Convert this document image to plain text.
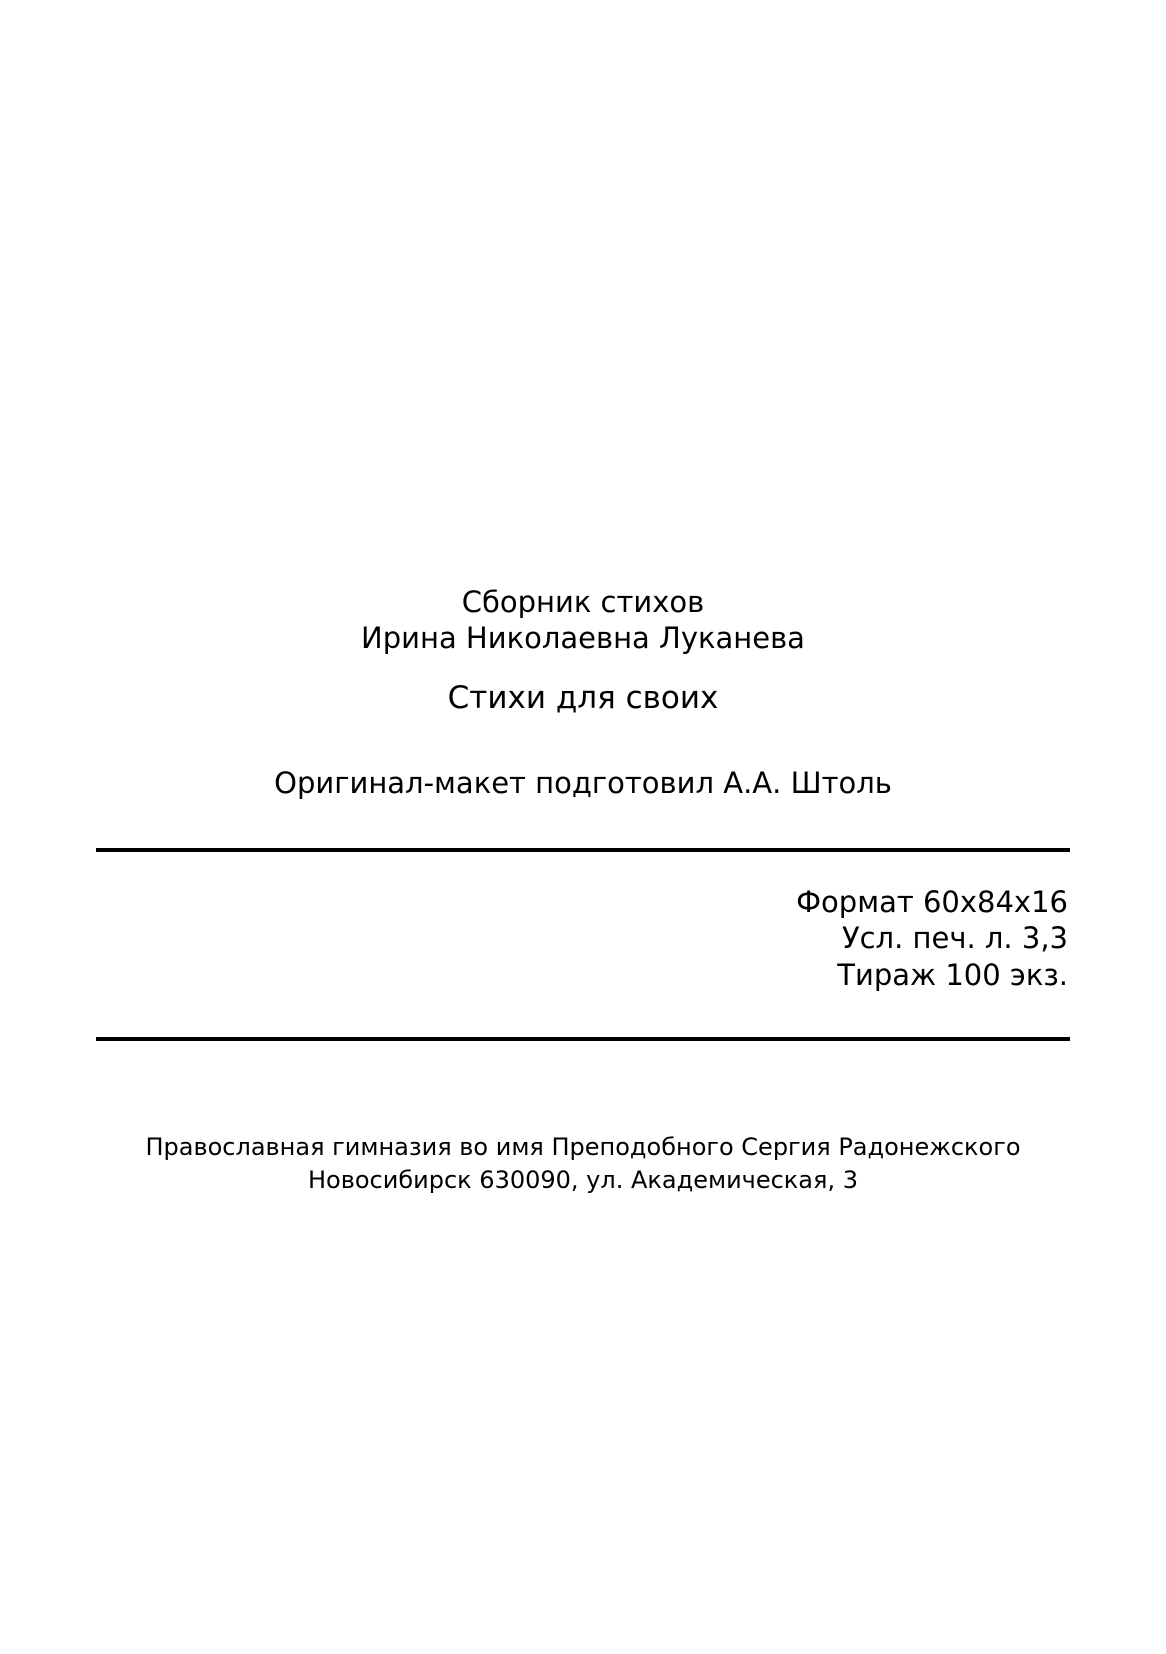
Сборник стихов
Ирина Николаевна Луканева
Стихи для своих
Оригинал-макет подготовил А.А. Штоль
Формат 60х84х16
Усл. печ. л. 3,3
Тираж 100 экз.
Православная гимназия во имя Преподобного Сергия Радонежского
Новосибирск 630090, ул. Академическая, 3
